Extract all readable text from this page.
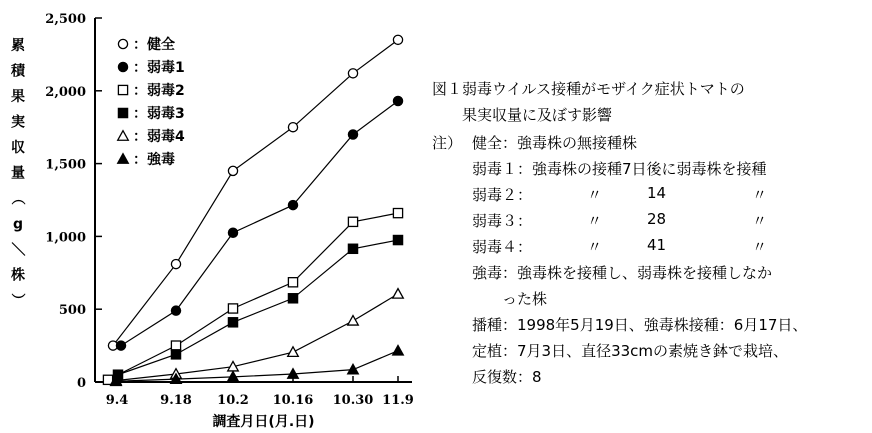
0
500
1,000
1,500
2,000
2,500
9.4 9.18 10.2 10.16 10.30 11.9
調査月日(月.日)
累
積
果
実
収
量
（
g
／
株
）
：健全
：弱毒1
：弱毒2
：弱毒3
：弱毒4
：強毒
図１弱毒ウイルス接種がモザイク症状トマトの
果実収量に及ぼす影響
注） 健全：強毒株の無接種株
弱毒１：強毒株の接種7日後に弱毒株を接種
弱毒２：	〃	14	〃
弱毒３：	〃	28	〃
弱毒４：	〃	41	〃
強毒：強毒株を接種し、弱毒株を接種しなか
った株
播種：1998年5月19日、強毒株接種：6月17日、
定植：7月3日、直径33cmの素焼き鉢で栽培、
反復数：8
